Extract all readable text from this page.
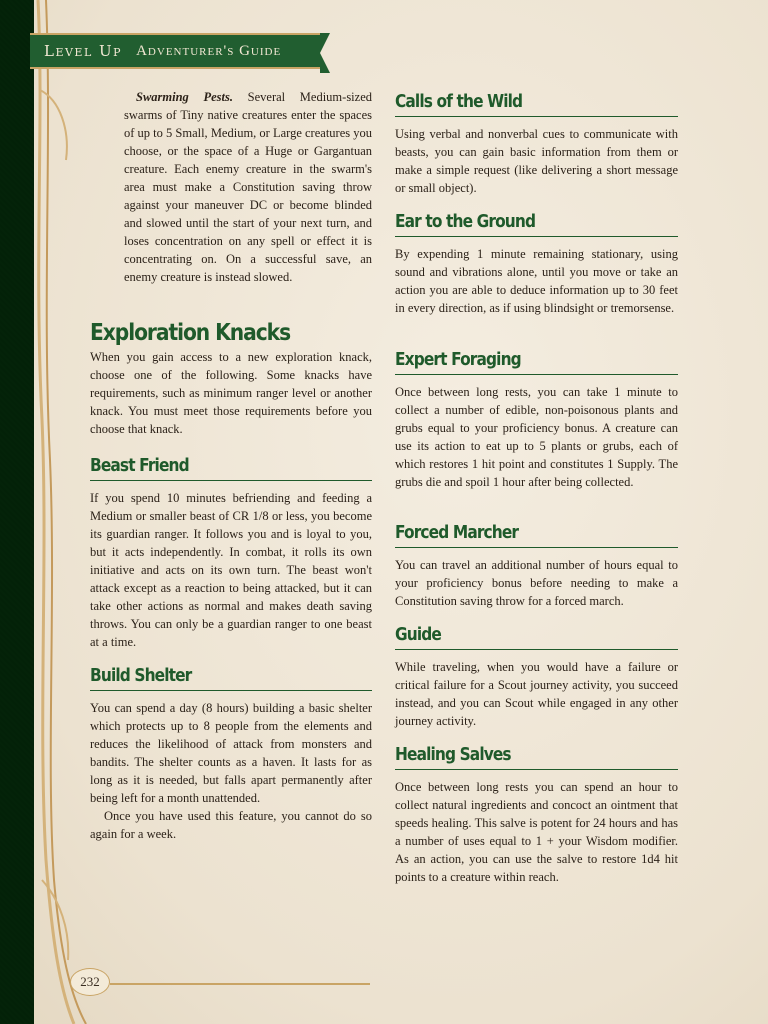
Level Up Adventurer's Guide

Swarming Pests. Several Medium-sized swarms of Tiny native creatures enter the spaces of up to 5 Small, Medium, or Large creatures you choose, or the space of a Huge or Gargantuan creature. Each enemy creature in the swarm's area must make a Constitution saving throw against your maneuver DC or become blinded and slowed until the start of your next turn, and loses concentration on any spell or effect it is concentrating on. On a successful save, an enemy creature is instead slowed.

Exploration Knacks

When you gain access to a new exploration knack, choose one of the following. Some knacks have requirements, such as minimum ranger level or another knack. You must meet those requirements before you choose that knack.

Beast Friend

If you spend 10 minutes befriending and feeding a Medium or smaller beast of CR 1/8 or less, you become its guardian ranger. It follows you and is loyal to you, but it acts independently. In combat, it rolls its own initiative and acts on its own turn. The beast won't attack except as a reaction to being attacked, but it can take other actions as normal and makes death saving throws. You can only be a guardian ranger to one beast at a time.

Build Shelter

You can spend a day (8 hours) building a basic shelter which protects up to 8 people from the elements and reduces the likelihood of attack from monsters and bandits. The shelter counts as a haven. It lasts for as long as it is needed, but falls apart permanently after being left for a month unattended.

Once you have used this feature, you cannot do so again for a week.

Calls of the Wild

Using verbal and nonverbal cues to communicate with beasts, you can gain basic information from them or make a simple request (like delivering a short message or small object).

Ear to the Ground

By expending 1 minute remaining stationary, using sound and vibrations alone, until you move or take an action you are able to deduce information up to 30 feet in every direction, as if using blindsight or tremorsense.

Expert Foraging

Once between long rests, you can take 1 minute to collect a number of edible, non-poisonous plants and grubs equal to your proficiency bonus. A creature can use its action to eat up to 5 plants or grubs, each of which restores 1 hit point and constitutes 1 Supply. The grubs die and spoil 1 hour after being collected.

Forced Marcher

You can travel an additional number of hours equal to your proficiency bonus before needing to make a Constitution saving throw for a forced march.

Guide

While traveling, when you would have a failure or critical failure for a Scout journey activity, you succeed instead, and you can Scout while engaged in any other journey activity.

Healing Salves

Once between long rests you can spend an hour to collect natural ingredients and concoct an ointment that speeds healing. This salve is potent for 24 hours and has a number of uses equal to 1 + your Wisdom modifier. As an action, you can use the salve to restore 1d4 hit points to a creature within reach.

232
